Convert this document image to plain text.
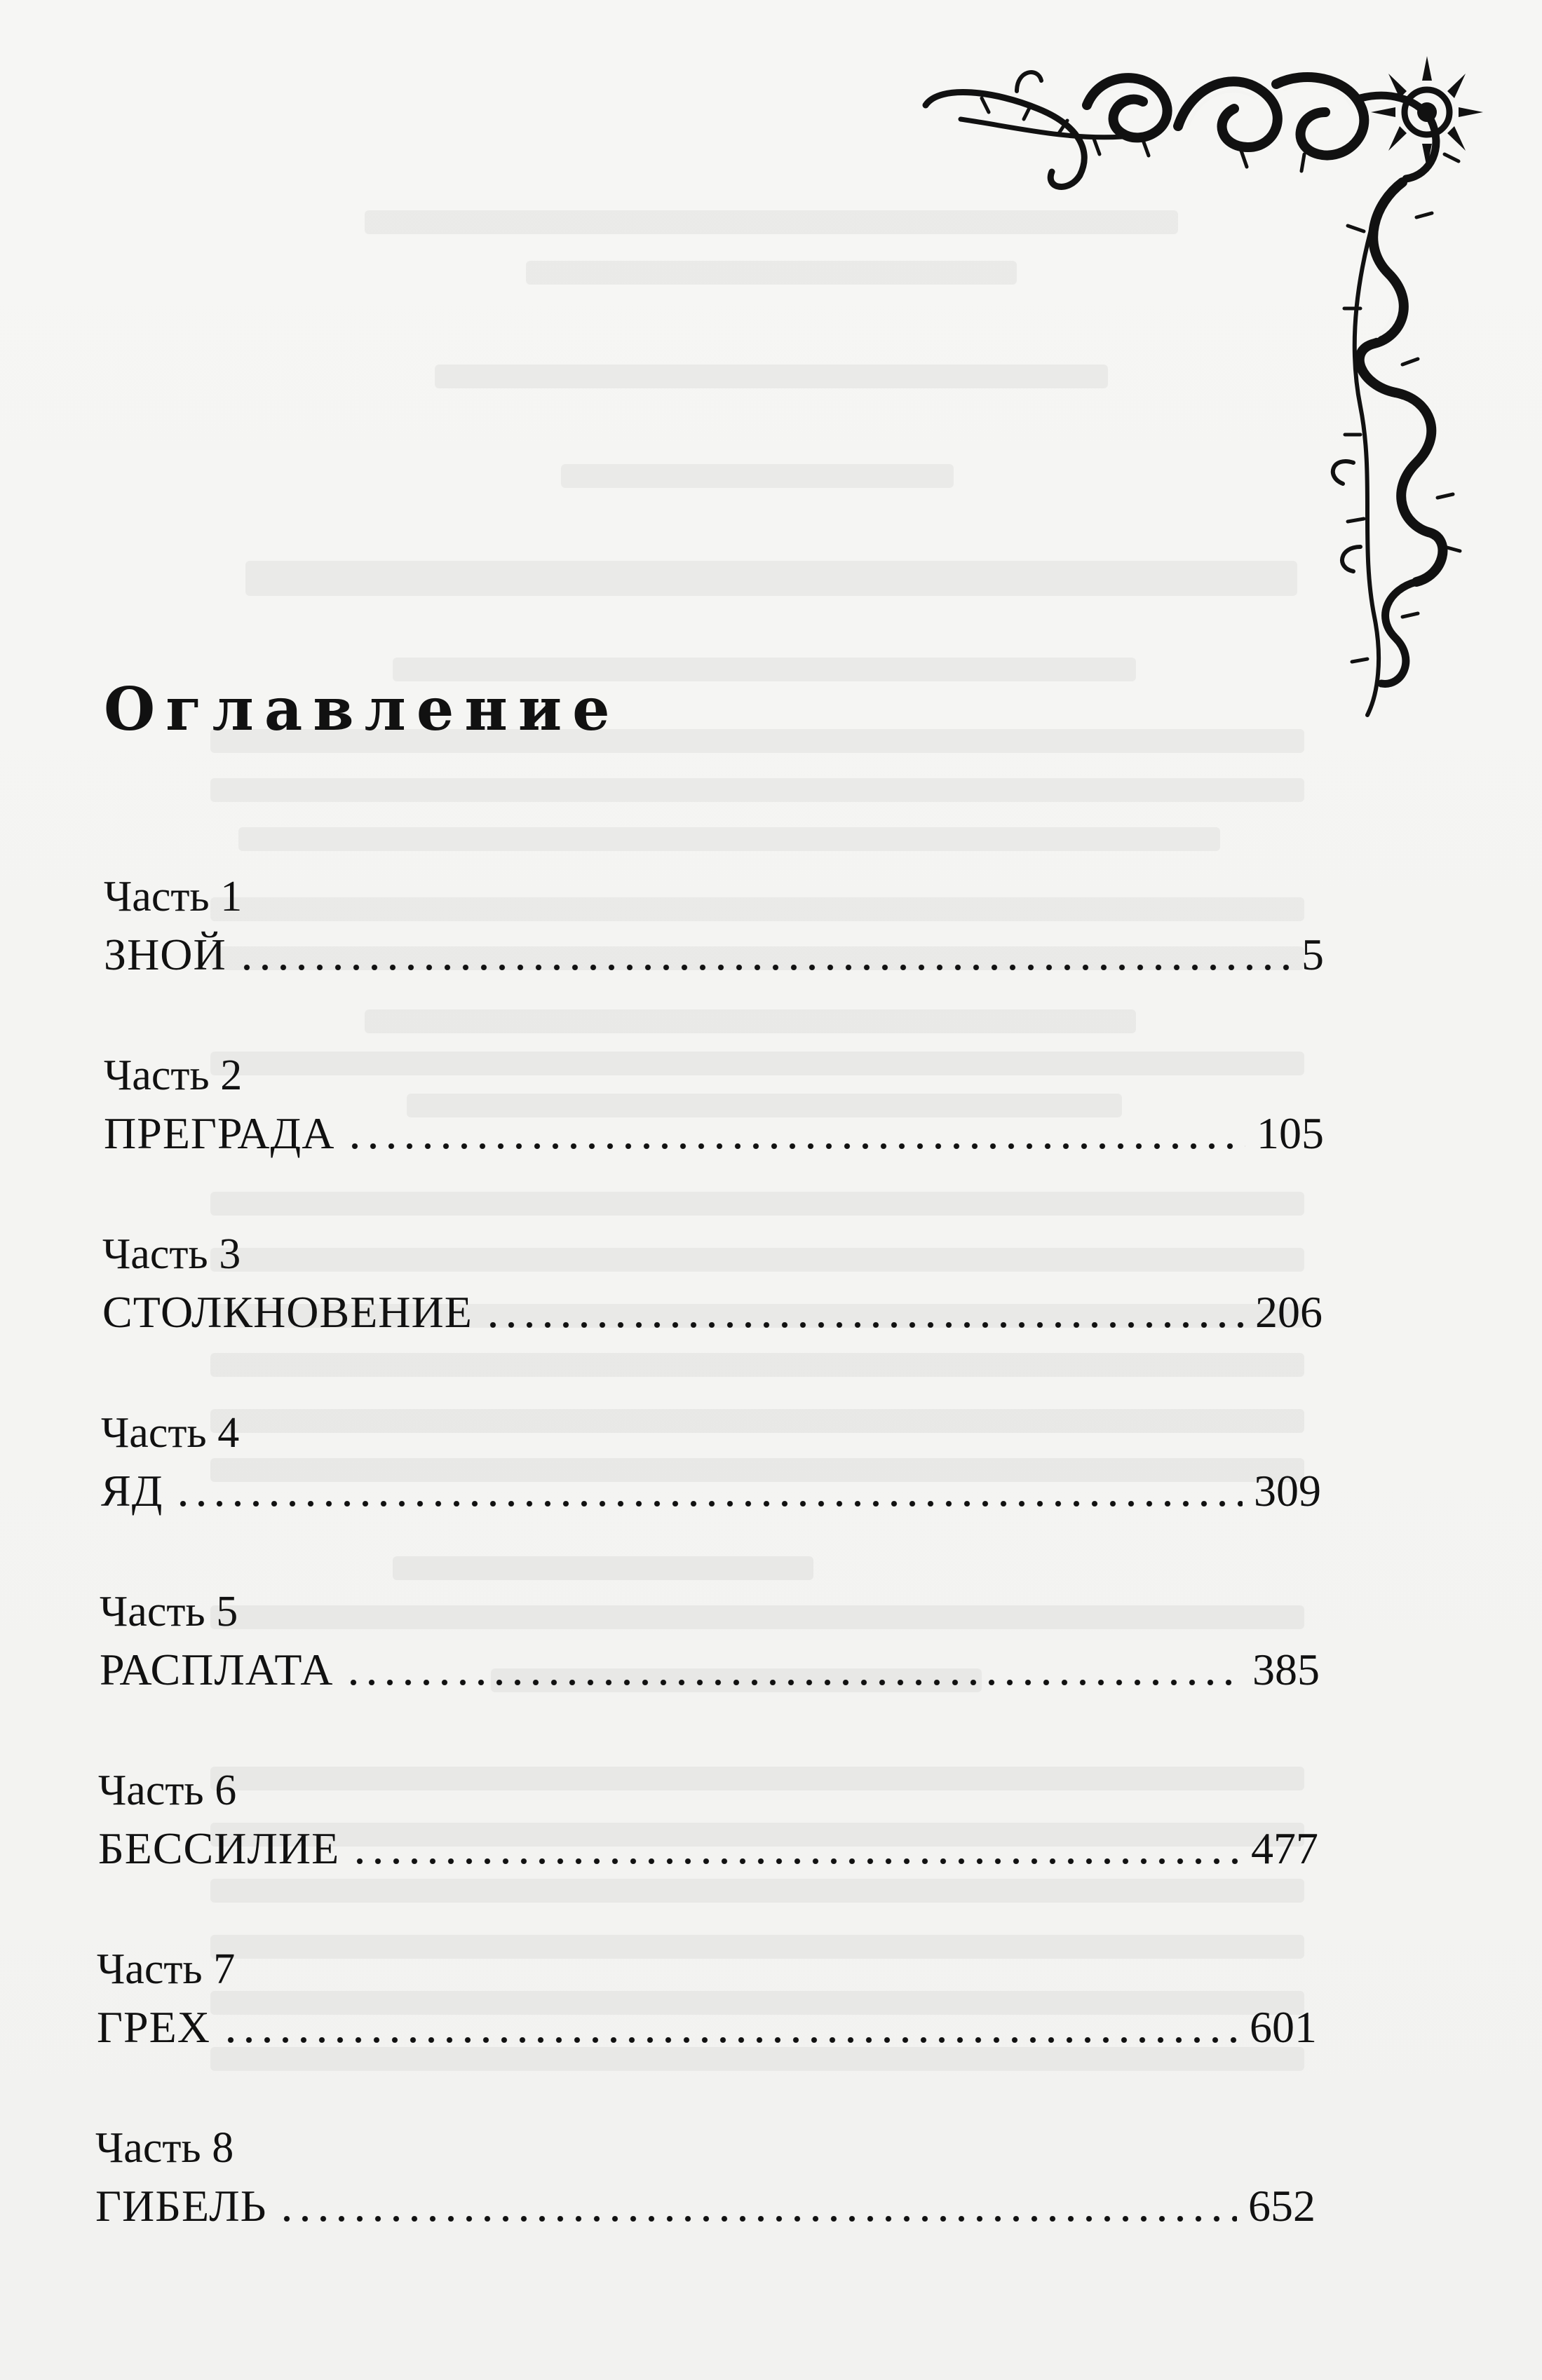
Оглавление
Часть 1
ЗНОЙ	5
Часть 2
ПРЕГРАДА	105
Часть 3
СТОЛКНОВЕНИЕ	206
Часть 4
ЯД	309
Часть 5
РАСПЛАТА	385
Часть 6
БЕССИЛИЕ	477
Часть 7
ГРЕХ	601
Часть 8
ГИБЕЛЬ	652
